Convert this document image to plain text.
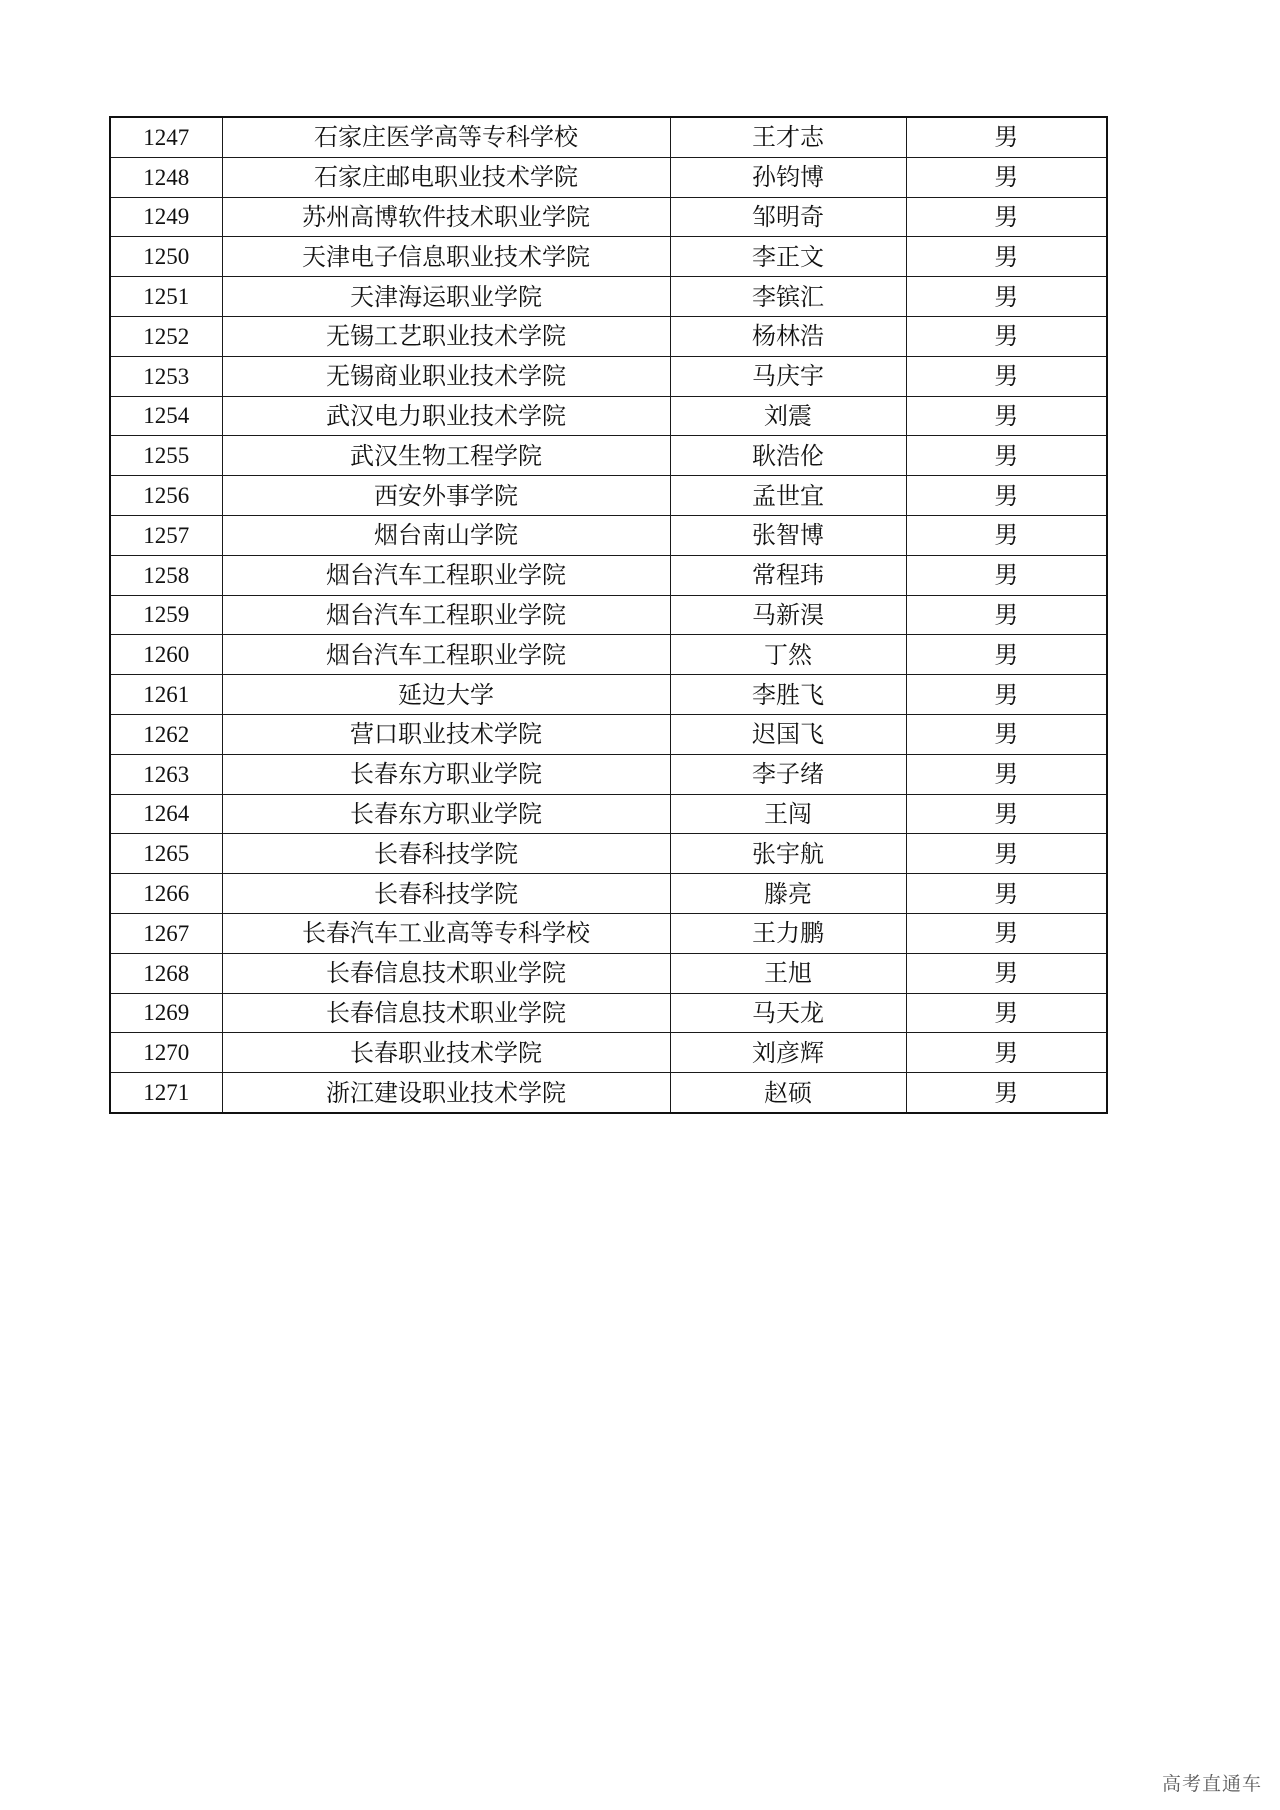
1247	石家庄医学高等专科学校	王才志	男
1248	石家庄邮电职业技术学院	孙钧博	男
1249	苏州高博软件技术职业学院	邹明奇	男
1250	天津电子信息职业技术学院	李正文	男
1251	天津海运职业学院	李镔汇	男
1252	无锡工艺职业技术学院	杨林浩	男
1253	无锡商业职业技术学院	马庆宇	男
1254	武汉电力职业技术学院	刘震	男
1255	武汉生物工程学院	耿浩伦	男
1256	西安外事学院	孟世宜	男
1257	烟台南山学院	张智博	男
1258	烟台汽车工程职业学院	常程玮	男
1259	烟台汽车工程职业学院	马新淏	男
1260	烟台汽车工程职业学院	丁然	男
1261	延边大学	李胜飞	男
1262	营口职业技术学院	迟国飞	男
1263	长春东方职业学院	李子绪	男
1264	长春东方职业学院	王闯	男
1265	长春科技学院	张宇航	男
1266	长春科技学院	滕亮	男
1267	长春汽车工业高等专科学校	王力鹏	男
1268	长春信息技术职业学院	王旭	男
1269	长春信息技术职业学院	马天龙	男
1270	长春职业技术学院	刘彦辉	男
1271	浙江建设职业技术学院	赵硕	男
高考直通车
